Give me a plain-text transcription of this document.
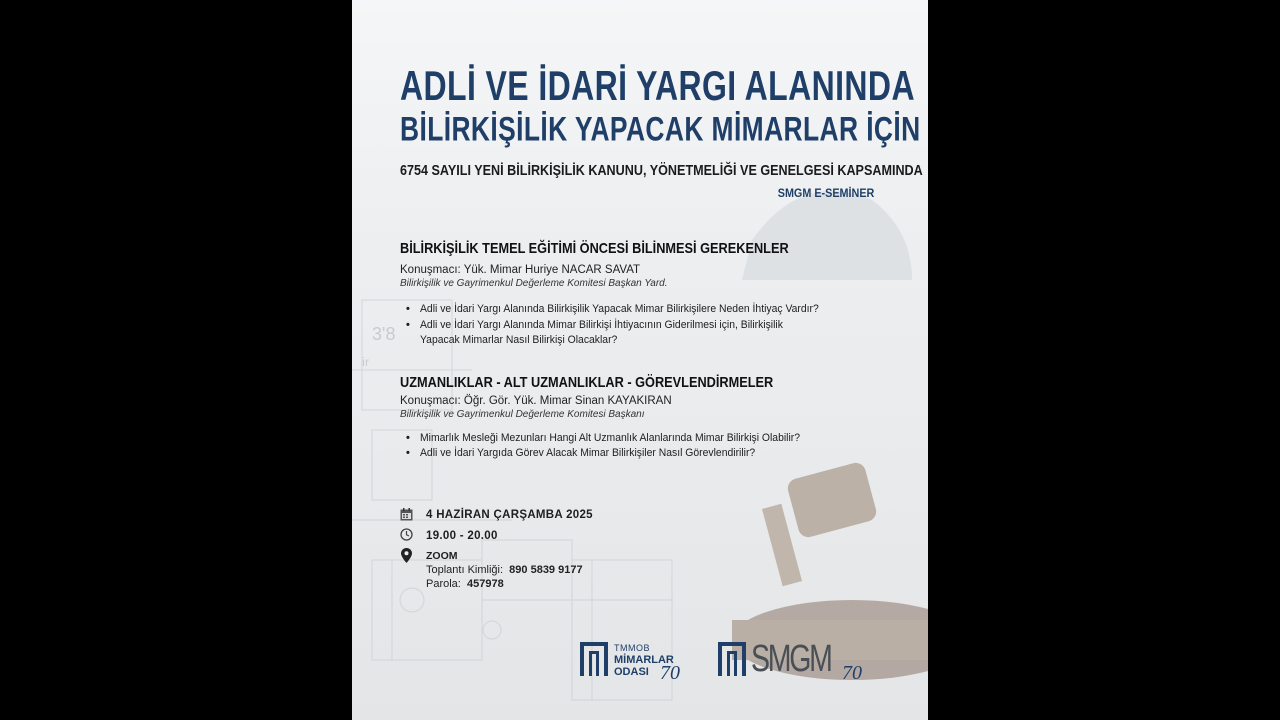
3'8
ᵢᵣ
ADLİ VE İDARİ YARGI ALANINDA
BİLİRKİŞİLİK YAPACAK MİMARLAR İÇİN
6754 SAYILI YENİ BİLİRKİŞİLİK KANUNU, YÖNETMELİĞİ VE GENELGESİ KAPSAMINDA
SMGM E-SEMİNER
BİLİRKİŞİLİK TEMEL EĞİTİMİ ÖNCESİ BİLİNMESİ GEREKENLER
Konuşmacı: Yük. Mimar Huriye NACAR SAVAT
Bilirkişilik ve Gayrimenkul Değerleme Komitesi Başkan Yard.
• Adli ve İdari Yargı Alanında Bilirkişilik Yapacak Mimar Bilirkişilere Neden İhtiyaç Vardır?
• Adli ve İdari Yargı Alanında Mimar Bilirkişi İhtiyacının Giderilmesi için, Bilirkişilik
Yapacak Mimarlar Nasıl Bilirkişi Olacaklar?
UZMANLIKLAR - ALT UZMANLIKLAR - GÖREVLENDİRMELER
Konuşmacı: Öğr. Gör. Yük. Mimar Sinan KAYAKIRAN
Bilirkişilik ve Gayrimenkul Değerleme Komitesi Başkanı
• Mimarlık Mesleği Mezunları Hangi Alt Uzmanlık Alanlarında Mimar Bilirkişi Olabilir?
• Adli ve İdari Yargıda Görev Alacak Mimar Bilirkişiler Nasıl Görevlendirilir?
4 HAZİRAN ÇARŞAMBA 2025
19.00 - 20.00
ZOOM
Toplantı Kimliği: 890 5839 9177
Parola: 457978
TMMOB
MİMARLAR
ODASI 70 SMGM 70
